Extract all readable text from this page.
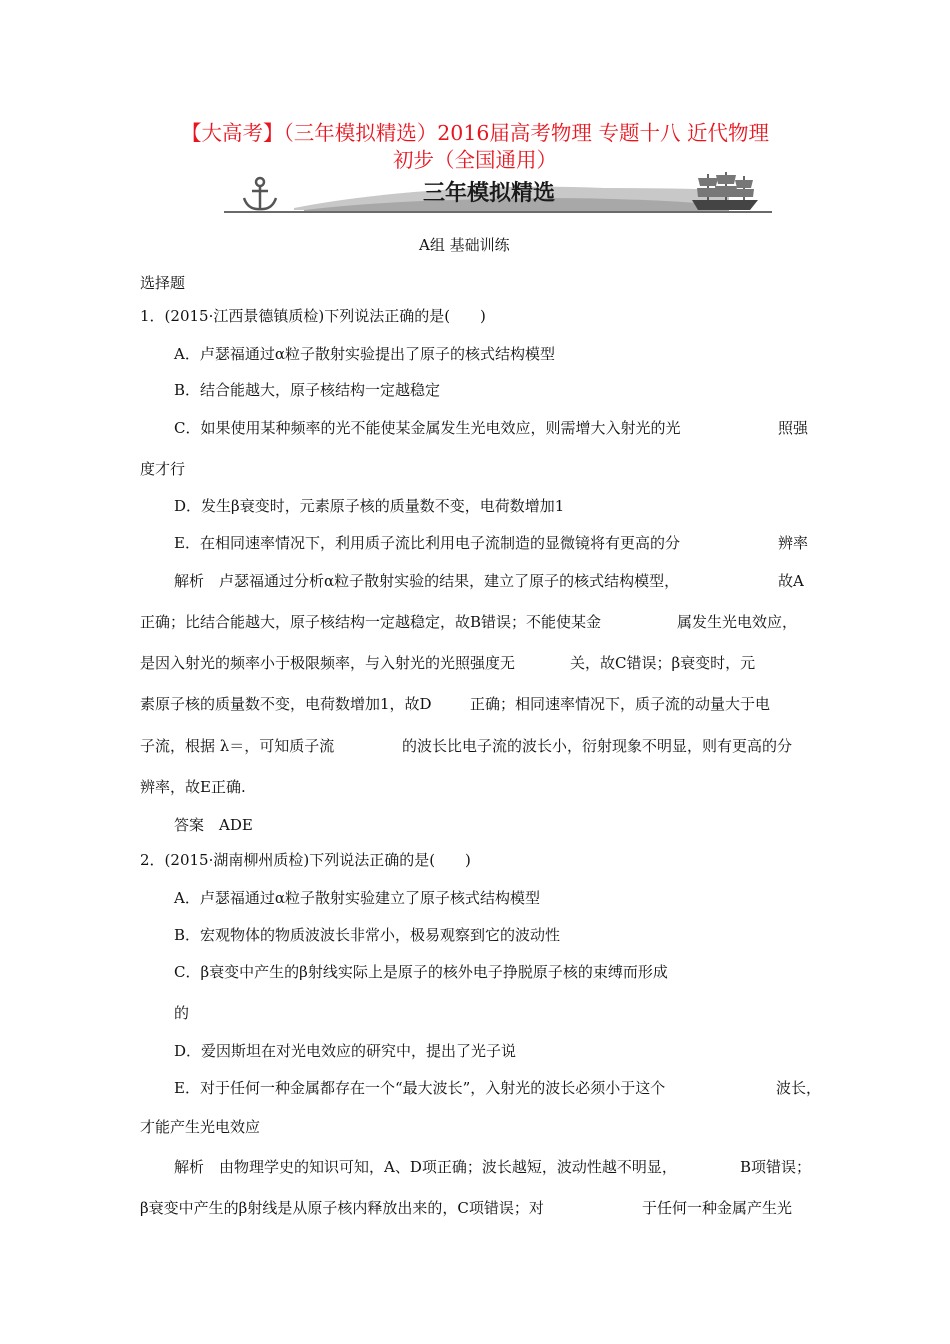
【大高考】（三年模拟精选）2016届高考物理 专题十八 近代物理
初步（全国通用）
三年模拟精选
A组 基础训练
选择题
1．(2015·江西景德镇质检)下列说法正确的是(　　)
A．卢瑟福通过α粒子散射实验提出了原子的核式结构模型
B．结合能越大，原子核结构一定越稳定
C．如果使用某种频率的光不能使某金属发生光电效应，则需增大入射光的光	照强
度才行
D．发生β衰变时，元素原子核的质量数不变，电荷数增加1
E．在相同速率情况下，利用质子流比利用电子流制造的显微镜将有更高的分	辨率
解析　卢瑟福通过分析α粒子散射实验的结果，建立了原子的核式结构模型，	故A
正确；比结合能越大，原子核结构一定越稳定，故B错误；不能使某金	属发生光电效应，
是因入射光的频率小于极限频率，与入射光的光照强度无	关，故C错误；β衰变时，元
素原子核的质量数不变，电荷数增加1，故D	正确；相同速率情况下，质子流的动量大于电
子流，根据 λ＝，可知质子流	的波长比电子流的波长小，衍射现象不明显，则有更高的分
辨率，故E正确.
答案　ADE
2．(2015·湖南柳州质检)下列说法正确的是(　　)
A．卢瑟福通过α粒子散射实验建立了原子核式结构模型
B．宏观物体的物质波波长非常小，极易观察到它的波动性
C．β衰变中产生的β射线实际上是原子的核外电子挣脱原子核的束缚而形成
的
D．爱因斯坦在对光电效应的研究中，提出了光子说
E．对于任何一种金属都存在一个“最大波长”，入射光的波长必须小于这个	波长，
才能产生光电效应
解析　由物理学史的知识可知，A、D项正确；波长越短，波动性越不明显，	B项错误；
β衰变中产生的β射线是从原子核内释放出来的，C项错误；对	于任何一种金属产生光
